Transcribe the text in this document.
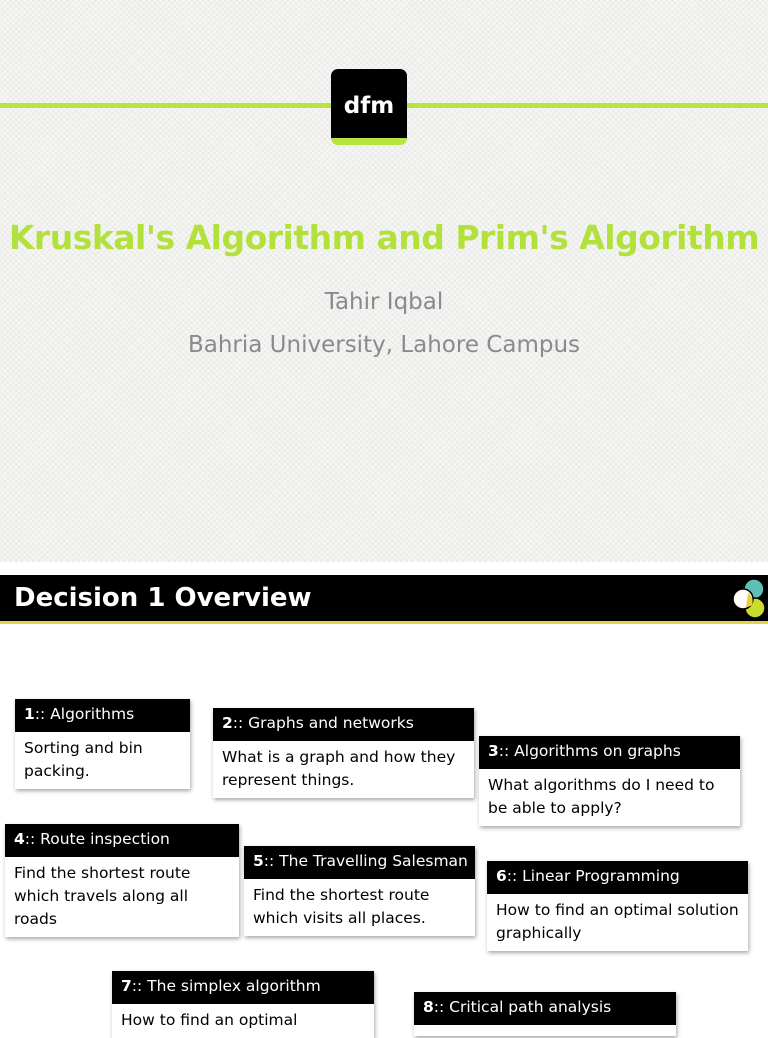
dfm
Kruskal's Algorithm and Prim's Algorithm

Tahir Iqbal

Bahria University, Lahore Campus

Decision 1 Overview
1:: Algorithms
Sorting and bin packing.
2:: Graphs and networks
What is a graph and how they represent things.
3:: Algorithms on graphs
What algorithms do I need to be able to apply?
4:: Route inspection
Find the shortest route which travels along all roads
5:: The Travelling Salesman
Find the shortest route which visits all places.
6:: Linear Programming
How to find an optimal solution graphically
7:: The simplex algorithm
How to find an optimal
8:: Critical path analysis
